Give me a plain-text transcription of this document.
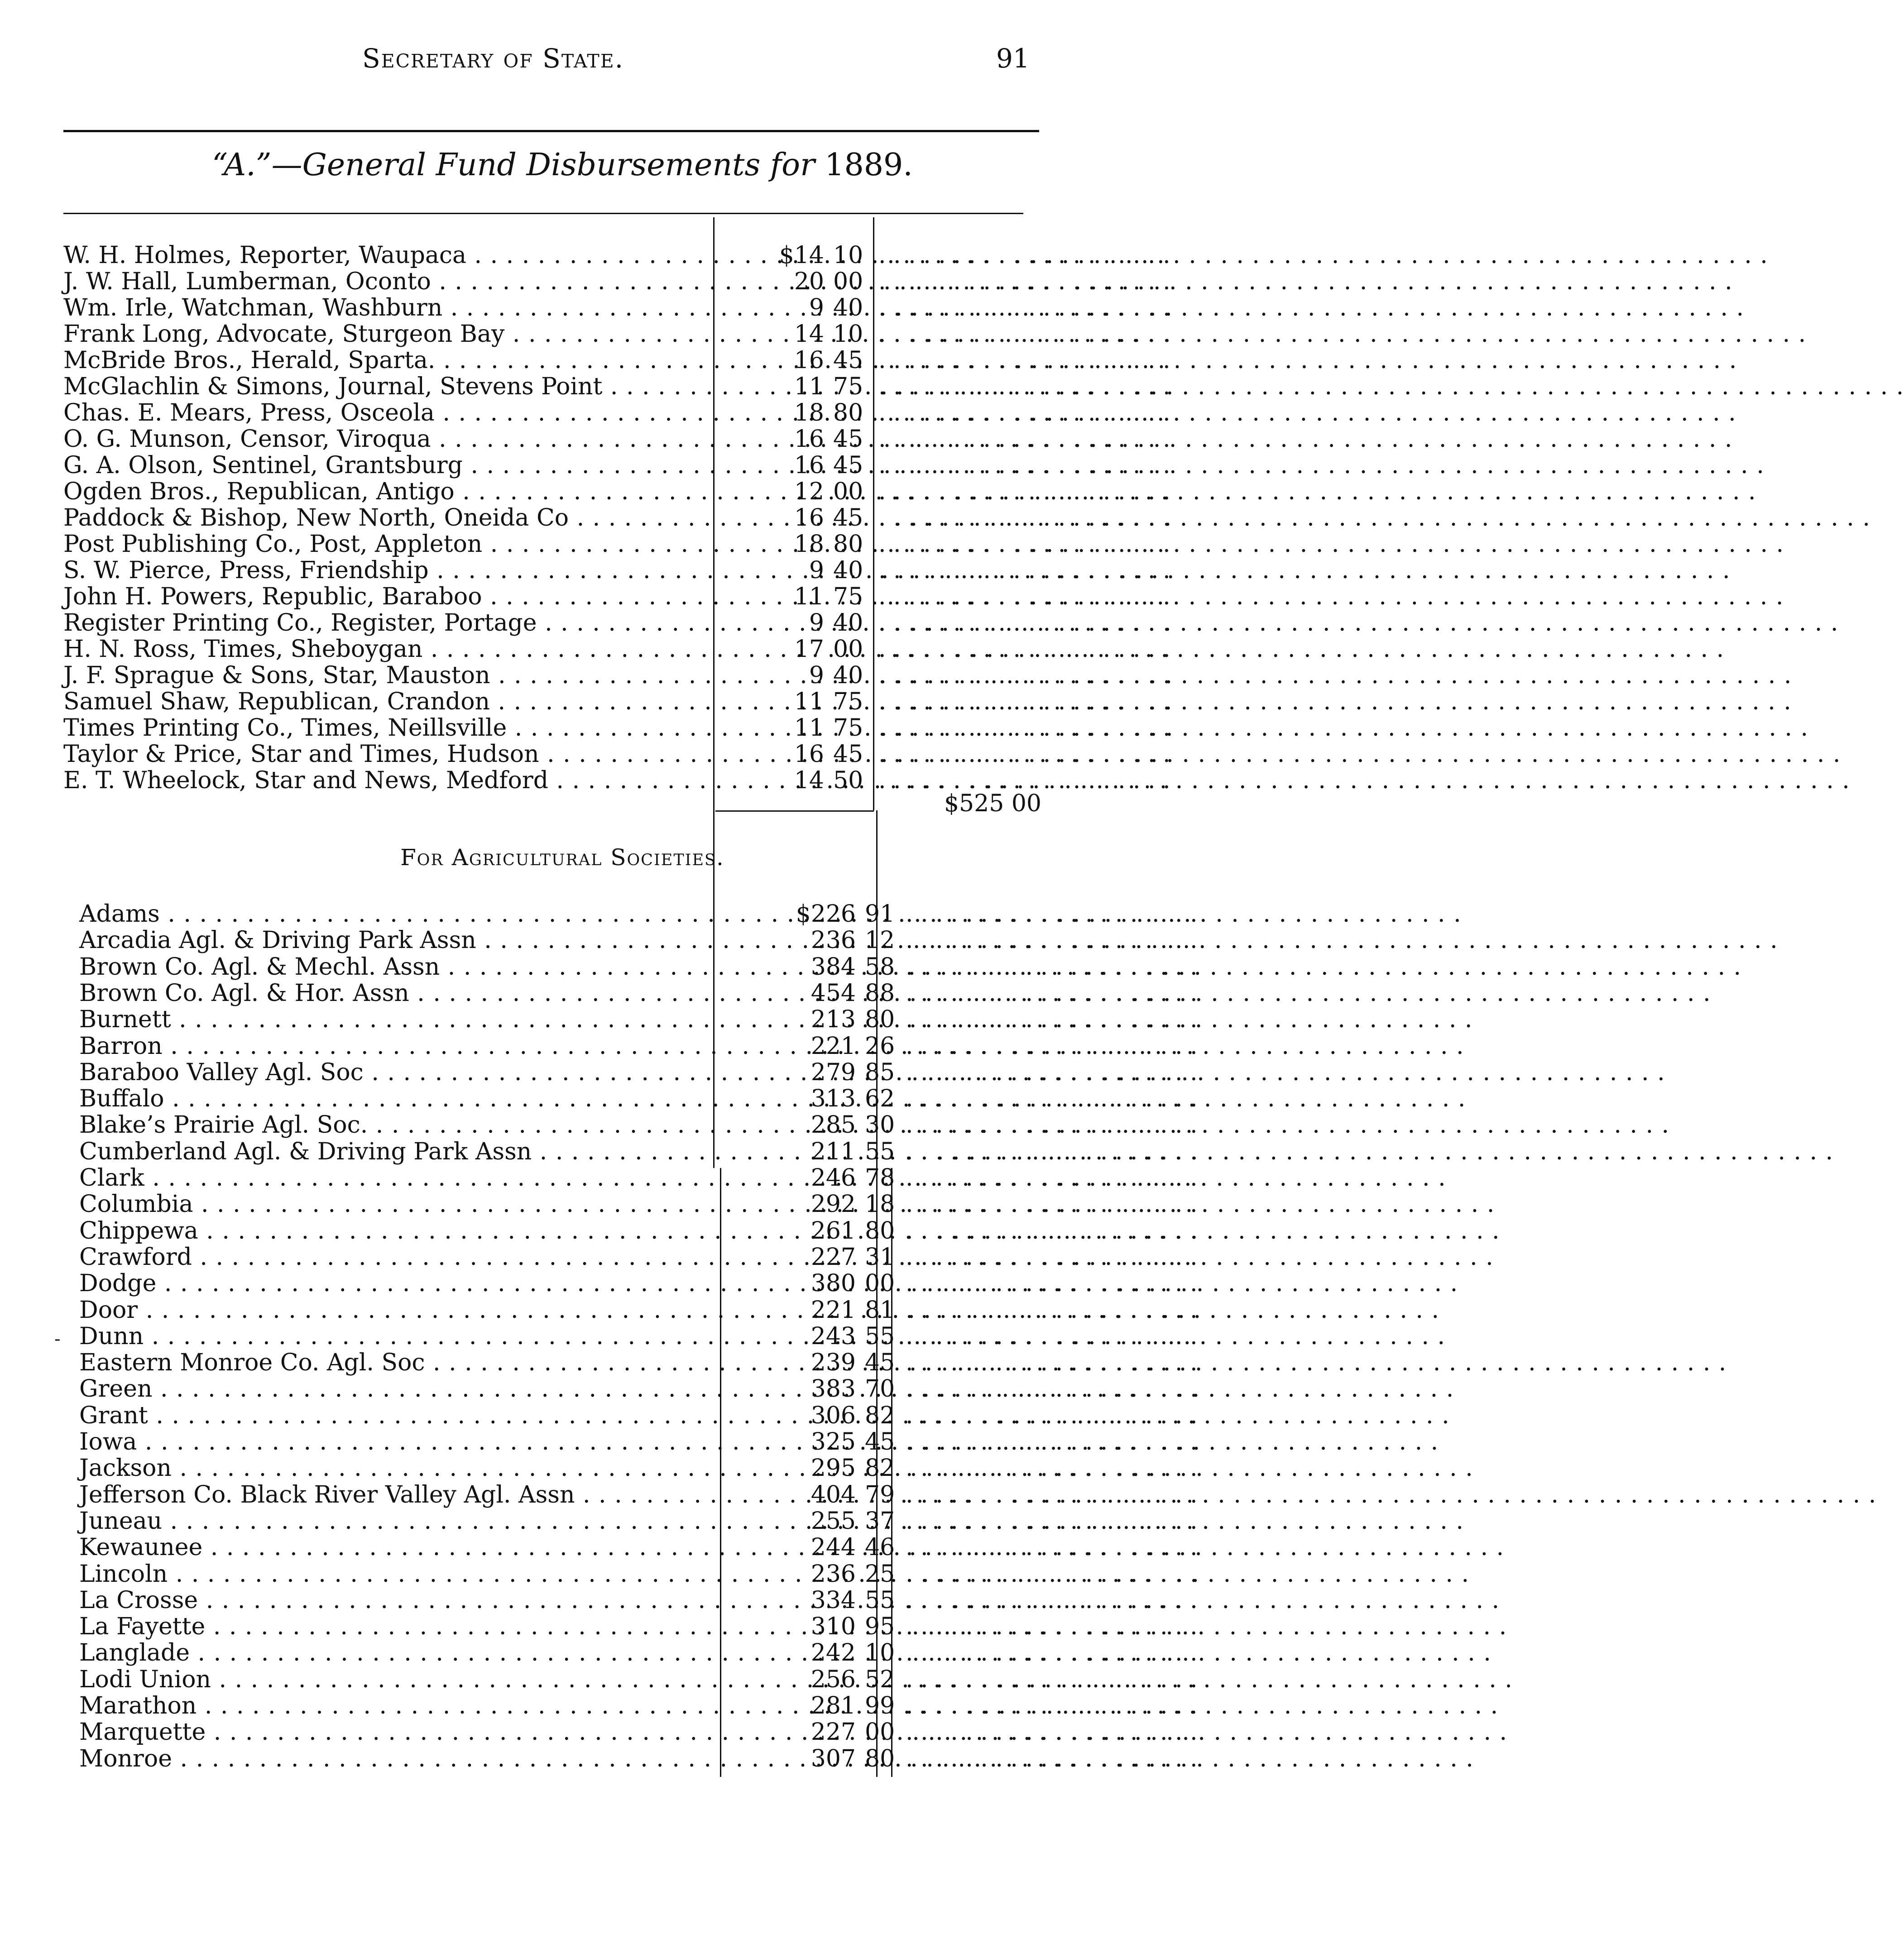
Secretary of State.	91
“A.”—General Fund Disbursements for 1889.
W. H. Holmes, Reporter, Waupaca . . .	$14 10 . . . . . . . . . . . . . . . . . . . .
J. W. Hall, Lumberman, Oconto . . .	20 00 . . . . . . . . . . . . . . . . . . . .
Wm. Irle, Watchman, Washburn . . .	9 40 . . . . . . . . . . . . . . . . . . . .
Frank Long, Advocate, Sturgeon Bay . . .	14 10 . . . . . . . . . . . . . . . . . . . .
McBride Bros., Herald, Sparta. . . .	16 45 . . . . . . . . . . . . . . . . . . . .
McGlachlin & Simons, Journal, Stevens Point . . .	11 75 . . . . . . . . . . . . . . . . . . . .
Chas. E. Mears, Press, Osceola . . .	18 80 . . . . . . . . . . . . . . . . . . . .
O. G. Munson, Censor, Viroqua . . .	16 45 . . . . . . . . . . . . . . . . . . . .
G. A. Olson, Sentinel, Grantsburg . . .	16 45 . . . . . . . . . . . . . . . . . . . .
Ogden Bros., Republican, Antigo . . .	12 00 . . . . . . . . . . . . . . . . . . . .
Paddock & Bishop, New North, Oneida Co . . .	16 45 . . . . . . . . . . . . . . . . . . . .
Post Publishing Co., Post, Appleton . . .	18 80 . . . . . . . . . . . . . . . . . . . .
S. W. Pierce, Press, Friendship . . .	9 40 . . . . . . . . . . . . . . . . . . . .
John H. Powers, Republic, Baraboo . . .	11 75 . . . . . . . . . . . . . . . . . . . .
Register Printing Co., Register, Portage . . .	9 40 . . . . . . . . . . . . . . . . . . . .
H. N. Ross, Times, Sheboygan . . .	17 00 . . . . . . . . . . . . . . . . . . . .
J. F. Sprague & Sons, Star, Mauston . . .	9 40 . . . . . . . . . . . . . . . . . . . .
Samuel Shaw, Republican, Crandon . . .	11 75 . . . . . . . . . . . . . . . . . . . .
Times Printing Co., Times, Neillsville . . .	11 75 . . . . . . . . . . . . . . . . . . . .
Taylor & Price, Star and Times, Hudson . . .	16 45 . . . . . . . . . . . . . . . . . . . .
E. T. Wheelock, Star and News, Medford . . .	14 50 . . . . . . . . . . . . . . . . . . . .
$525 00
For Agricultural Societies.
Adams . . .	$226 91 . . . . . . . . . . . . . . . . . . . .
Arcadia Agl. & Driving Park Assn . . .	236 12 . . . . . . . . . . . . . . . . . . . .
Brown Co. Agl. & Mechl. Assn . . .	384 58 . . . . . . . . . . . . . . . . . . . .
Brown Co. Agl. & Hor. Assn . . .	454 88 . . . . . . . . . . . . . . . . . . . .
Burnett . . .	213 80 . . . . . . . . . . . . . . . . . . . .
Barron . . .	221 26 . . . . . . . . . . . . . . . . . . . .
Baraboo Valley Agl. Soc . . .	279 85 . . . . . . . . . . . . . . . . . . . .
Buffalo . . .	313 62 . . . . . . . . . . . . . . . . . . . .
Blake’s Prairie Agl. Soc. . . .	285 30 . . . . . . . . . . . . . . . . . . . .
Cumberland Agl. & Driving Park Assn . . .	211 55 . . . . . . . . . . . . . . . . . . . .
Clark . . .	246 78 . . . . . . . . . . . . . . . . . . . .
Columbia . . .	292 18 . . . . . . . . . . . . . . . . . . . .
Chippewa . . .	261 80 . . . . . . . . . . . . . . . . . . . .
Crawford . . .	227 31 . . . . . . . . . . . . . . . . . . . .
Dodge . . .	380 00 . . . . . . . . . . . . . . . . . . . .
Door . . .	221 81 . . . . . . . . . . . . . . . . . . . .
Dunn . . .	243 55 . . . . . . . . . . . . . . . . . . . .
Eastern Monroe Co. Agl. Soc . . .	239 45 . . . . . . . . . . . . . . . . . . . .
Green . . .	383 70 . . . . . . . . . . . . . . . . . . . .
Grant . . .	306 82 . . . . . . . . . . . . . . . . . . . .
Iowa . . .	325 45 . . . . . . . . . . . . . . . . . . . .
Jackson . . .	295 82 . . . . . . . . . . . . . . . . . . . .
Jefferson Co. Black River Valley Agl. Assn . . .	404 79 . . . . . . . . . . . . . . . . . . . .
Juneau . . .	255 37 . . . . . . . . . . . . . . . . . . . .
Kewaunee . . .	244 46 . . . . . . . . . . . . . . . . . . . .
Lincoln . . .	236 25 . . . . . . . . . . . . . . . . . . . .
La Crosse . . .	334 55 . . . . . . . . . . . . . . . . . . . .
La Fayette . . .	310 95 . . . . . . . . . . . . . . . . . . . .
Langlade . . .	242 10 . . . . . . . . . . . . . . . . . . . .
Lodi Union . . .	256 52 . . . . . . . . . . . . . . . . . . . .
Marathon . . .	281 99 . . . . . . . . . . . . . . . . . . . .
Marquette . . .	227 00 . . . . . . . . . . . . . . . . . . . .
Monroe . . .	307 80 . . . . . . . . . . . . . . . . . . . .
-
